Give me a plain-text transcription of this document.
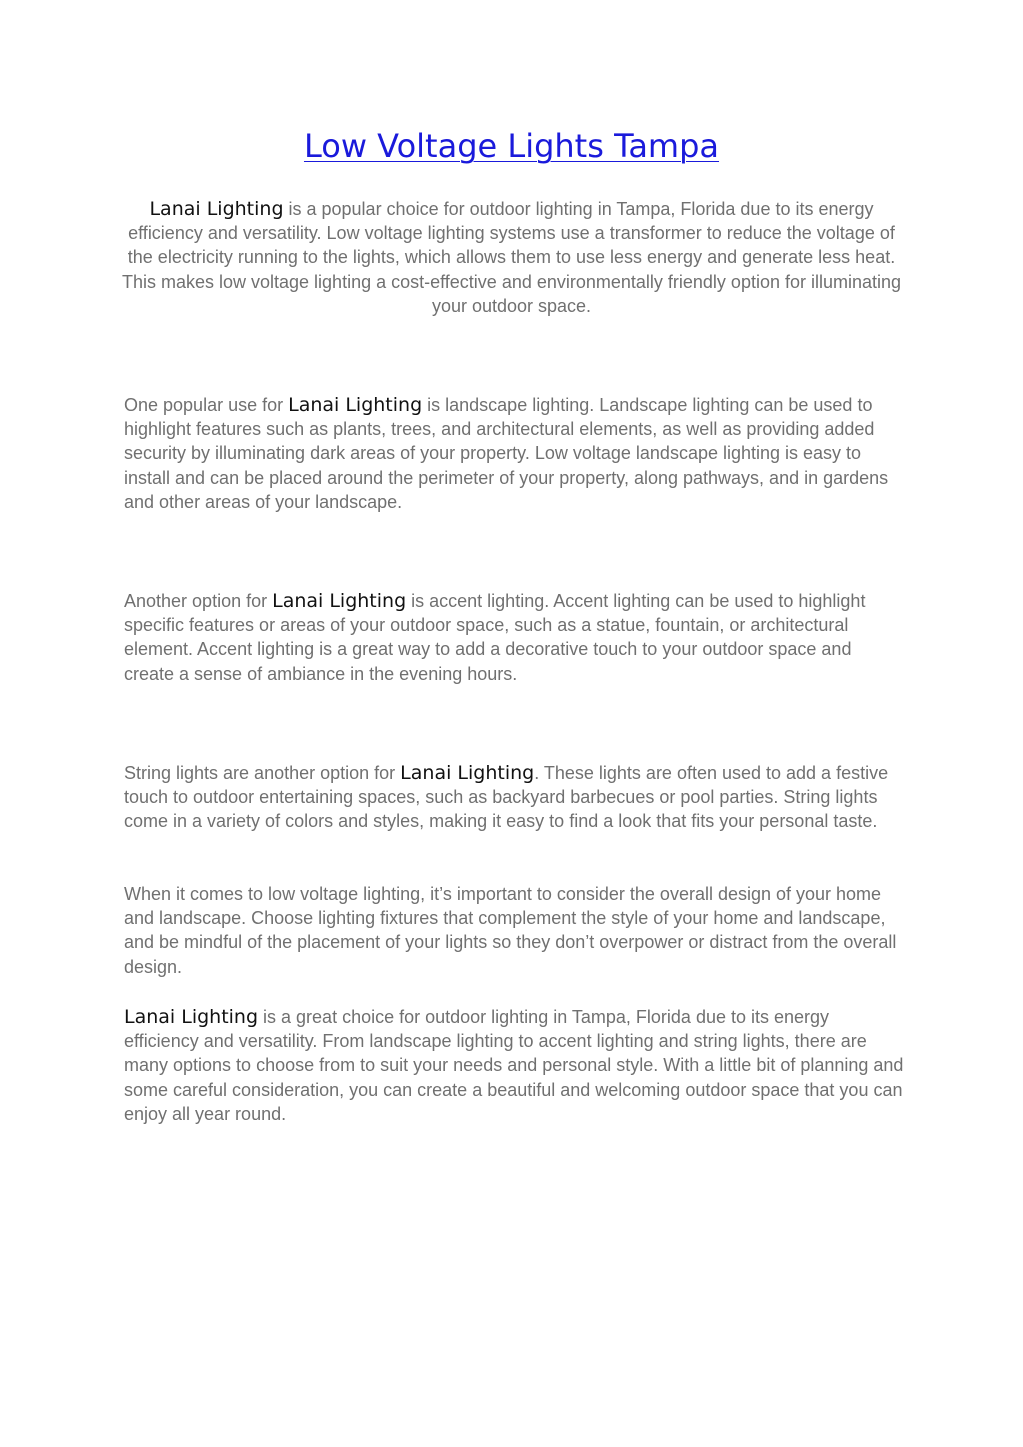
Low Voltage Lights Tampa

Lanai Lighting is a popular choice for outdoor lighting in Tampa, Florida due to its energy efficiency and versatility. Low voltage lighting systems use a transformer to reduce the voltage of the electricity running to the lights, which allows them to use less energy and generate less heat. This makes low voltage lighting a cost-effective and environmentally friendly option for illuminating your outdoor space.

One popular use for Lanai Lighting is landscape lighting. Landscape lighting can be used to highlight features such as plants, trees, and architectural elements, as well as providing added security by illuminating dark areas of your property. Low voltage landscape lighting is easy to install and can be placed around the perimeter of your property, along pathways, and in gardens and other areas of your landscape.

Another option for Lanai Lighting is accent lighting. Accent lighting can be used to highlight specific features or areas of your outdoor space, such as a statue, fountain, or architectural element. Accent lighting is a great way to add a decorative touch to your outdoor space and create a sense of ambiance in the evening hours.

String lights are another option for Lanai Lighting. These lights are often used to add a festive touch to outdoor entertaining spaces, such as backyard barbecues or pool parties. String lights come in a variety of colors and styles, making it easy to find a look that fits your personal taste.

When it comes to low voltage lighting, it’s important to consider the overall design of your home and landscape. Choose lighting fixtures that complement the style of your home and landscape, and be mindful of the placement of your lights so they don’t overpower or distract from the overall design.

Lanai Lighting is a great choice for outdoor lighting in Tampa, Florida due to its energy efficiency and versatility. From landscape lighting to accent lighting and string lights, there are many options to choose from to suit your needs and personal style. With a little bit of planning and some careful consideration, you can create a beautiful and welcoming outdoor space that you can enjoy all year round.
